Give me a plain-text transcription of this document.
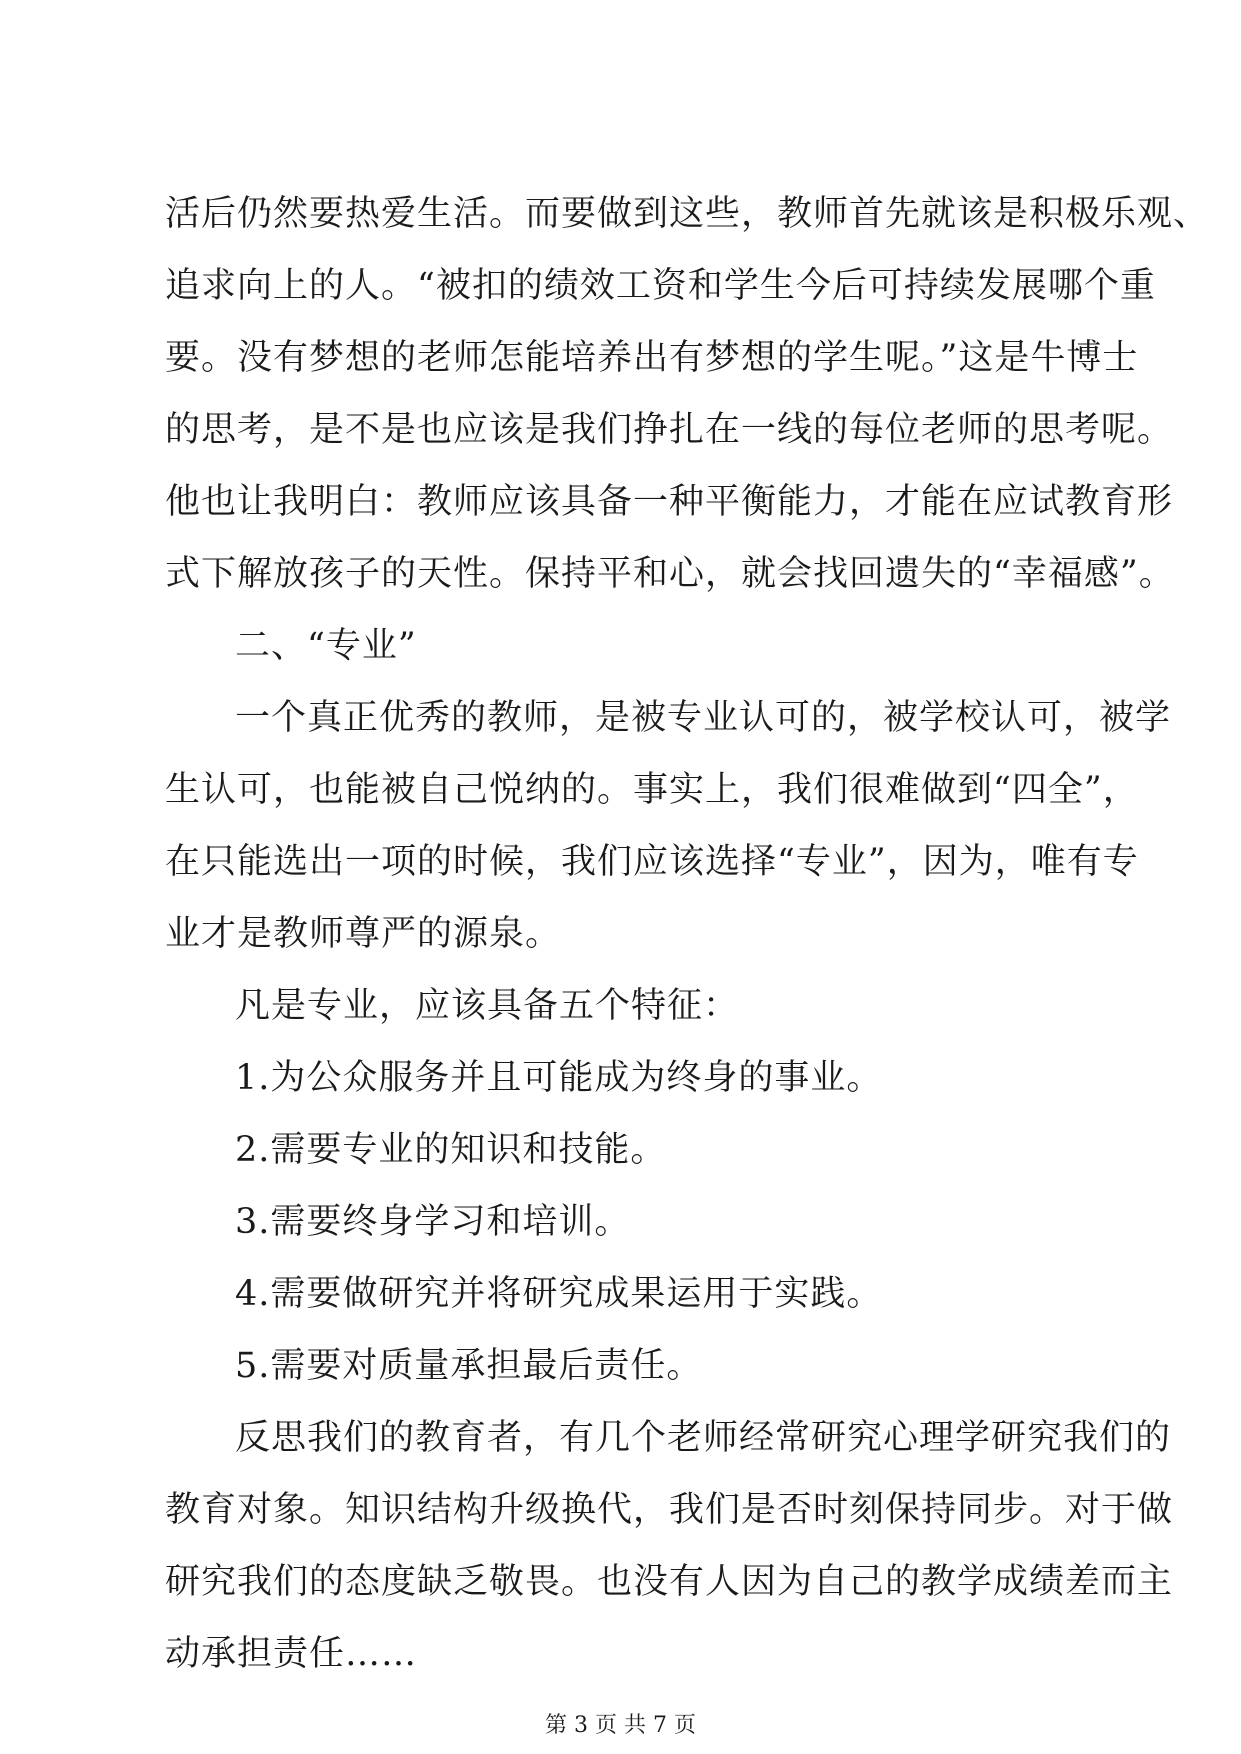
活后仍然要热爱生活。而要做到这些，教师首先就该是积极乐观、
追求向上的人。“被扣的绩效工资和学生今后可持续发展哪个重
要。没有梦想的老师怎能培养出有梦想的学生呢。”这是牛博士
的思考，是不是也应该是我们挣扎在一线的每位老师的思考呢。
他也让我明白：教师应该具备一种平衡能力，才能在应试教育形
式下解放孩子的天性。保持平和心，就会找回遗失的“幸福感”。
二、“专业”
一个真正优秀的教师，是被专业认可的，被学校认可，被学
生认可，也能被自己悦纳的。事实上，我们很难做到“四全”，
在只能选出一项的时候，我们应该选择“专业”，因为，唯有专
业才是教师尊严的源泉。
凡是专业，应该具备五个特征：
1.为公众服务并且可能成为终身的事业。
2.需要专业的知识和技能。
3.需要终身学习和培训。
4.需要做研究并将研究成果运用于实践。
5.需要对质量承担最后责任。
反思我们的教育者，有几个老师经常研究心理学研究我们的
教育对象。知识结构升级换代，我们是否时刻保持同步。对于做
研究我们的态度缺乏敬畏。也没有人因为自己的教学成绩差而主
动承担责任……
第 3 页 共 7 页
